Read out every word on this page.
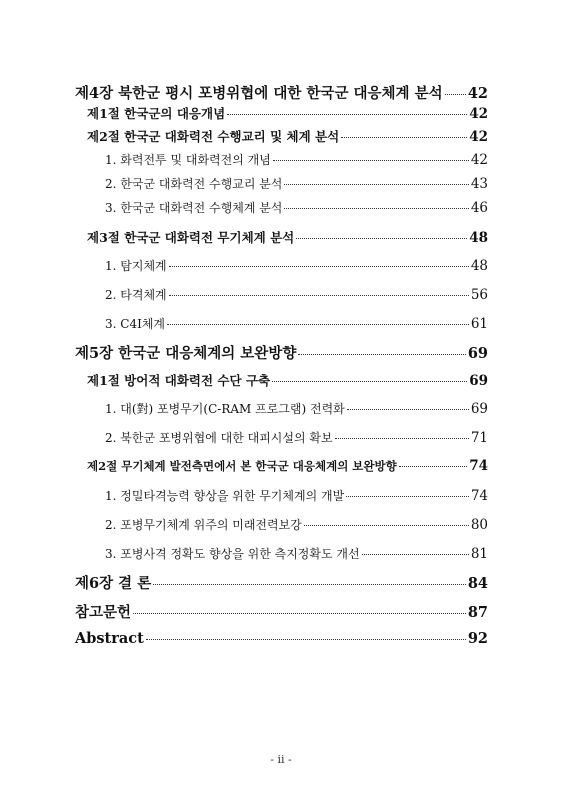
제4장 북한군 평시 포병위협에 대한 한국군 대응체계 분석 42
제1절 한국군의 대응개념	42
제2절 한국군 대화력전 수행교리 및 체계 분석	42
1. 화력전투 및 대화력전의 개념	42
2. 한국군 대화력전 수행교리 분석	43
3. 한국군 대화력전 수행체계 분석	46
제3절 한국군 대화력전 무기체계 분석	48
1. 탐지체계	48
2. 타격체계	56
3. C4I체계	61
제5장 한국군 대응체계의 보완방향	69
제1절 방어적 대화력전 수단 구축	69
1. 대(對) 포병무기(C-RAM 프로그램) 전력화	69
2. 북한군 포병위협에 대한 대피시설의 확보	71
제2절 무기체계 발전측면에서 본 한국군 대응체계의 보완방향	74
1. 정밀타격능력 향상을 위한 무기체계의 개발	74
2. 포병무기체계 위주의 미래전력보강	80
3. 포병사격 정확도 향상을 위한 측지정확도 개선	81
제6장 결 론	84
참고문헌	87
Abstract	92
- ii -
